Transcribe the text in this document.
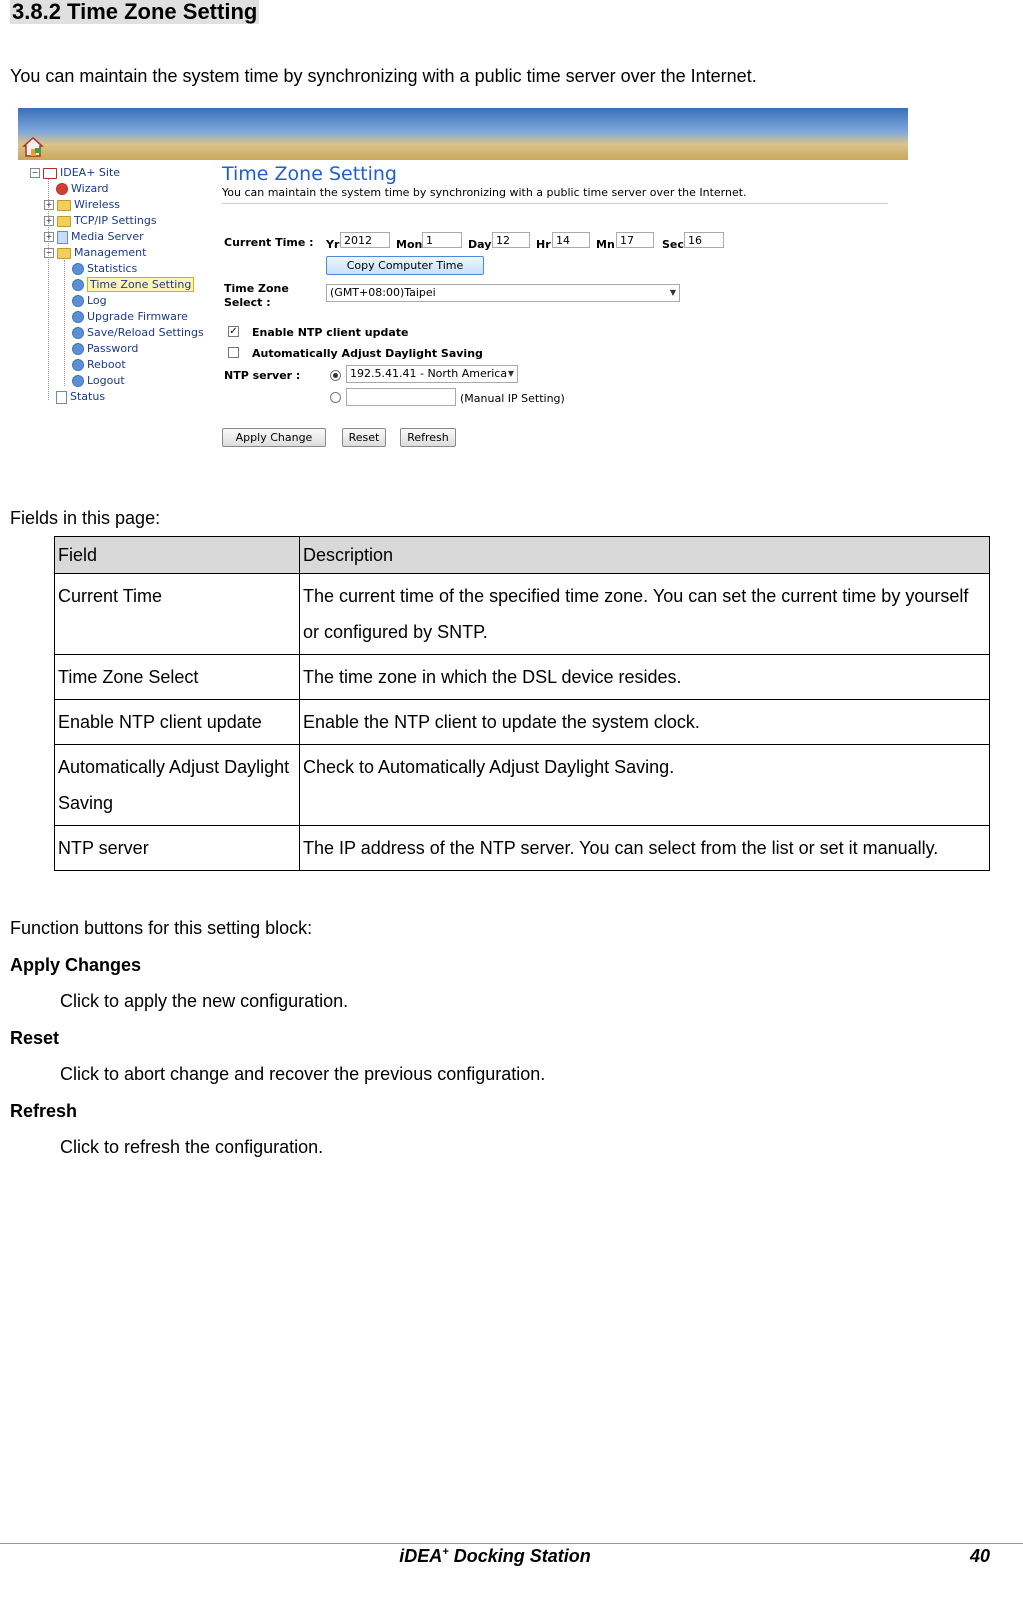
3.8.2 Time Zone Setting
You can maintain the system time by synchronizing with a public time server over the Internet.
− IDEA+ Site
Wizard
+ Wireless
+ TCP/IP Settings
+ Media Server
− Management
Statistics
Time Zone Setting
Log
Upgrade Firmware
Save/Reload Settings
Password
Reboot
Logout
Status
Time Zone Setting
You can maintain the system time by synchronizing with a public time server over the Internet.
Current Time : Yr 2012	Mon 1	Day 12	Hr 14	Mn 17	Sec 16
Copy Computer Time
Time Zone
Select :
(GMT+08:00)Taipei	▼
✓ Enable NTP client update
Automatically Adjust Daylight Saving
NTP server :	192.5.41.41 - North America ▼
(Manual IP Setting)
Apply Change	Reset	Refresh
Fields in this page:
Field	Description
Current Time	The current time of the specified time zone. You can set the current time by yourself or configured by SNTP.
Time Zone Select	The time zone in which the DSL device resides.
Enable NTP client update	Enable the NTP client to update the system clock.
Automatically Adjust Daylight Saving	Check to Automatically Adjust Daylight Saving.
NTP server	The IP address of the NTP server. You can select from the list or set it manually.
Function buttons for this setting block:
Apply Changes
Click to apply the new configuration.
Reset
Click to abort change and recover the previous configuration.
Refresh
Click to refresh the configuration.
iDEA+ Docking Station	40
